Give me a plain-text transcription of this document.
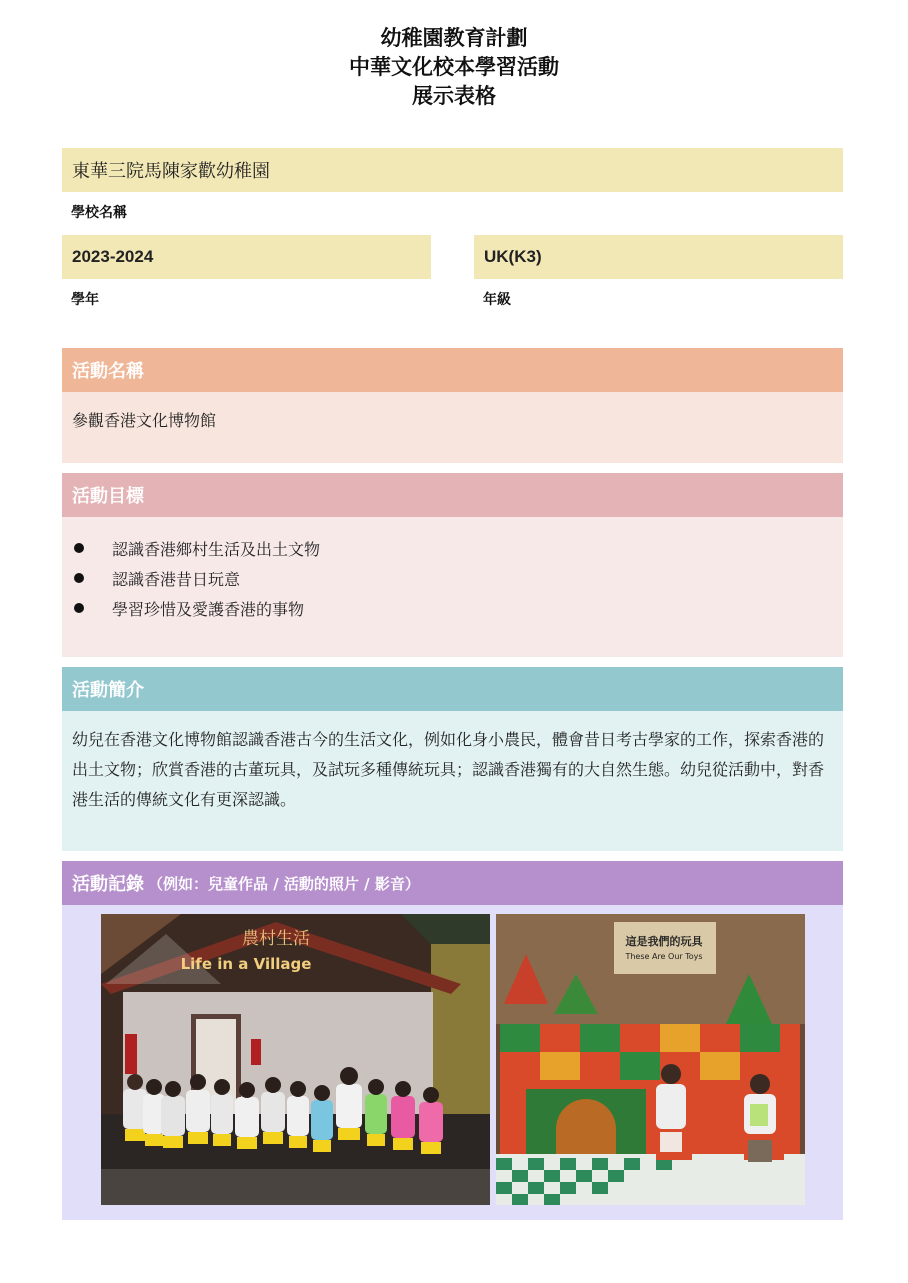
幼稚園教育計劃
中華文化校本學習活動
展示表格
東華三院馬陳家歡幼稚園
學校名稱
2023-2024
學年
UK(K3)
年級
活動名稱
參觀香港文化博物館
活動目標
認識香港鄉村生活及出土文物
認識香港昔日玩意
學習珍惜及愛護香港的事物
活動簡介
幼兒在香港文化博物館認識香港古今的生活文化，例如化身小農民，體會昔日考古學家的工作，探索香港的出土文物；欣賞香港的古董玩具，及試玩多種傳統玩具；認識香港獨有的大自然生態。幼兒從活動中，對香港生活的傳統文化有更深認識。
活動記錄 （例如：兒童作品 / 活動的照片 / 影音）
農村生活
Life in a Village
這是我們的玩具
These Are Our Toys
